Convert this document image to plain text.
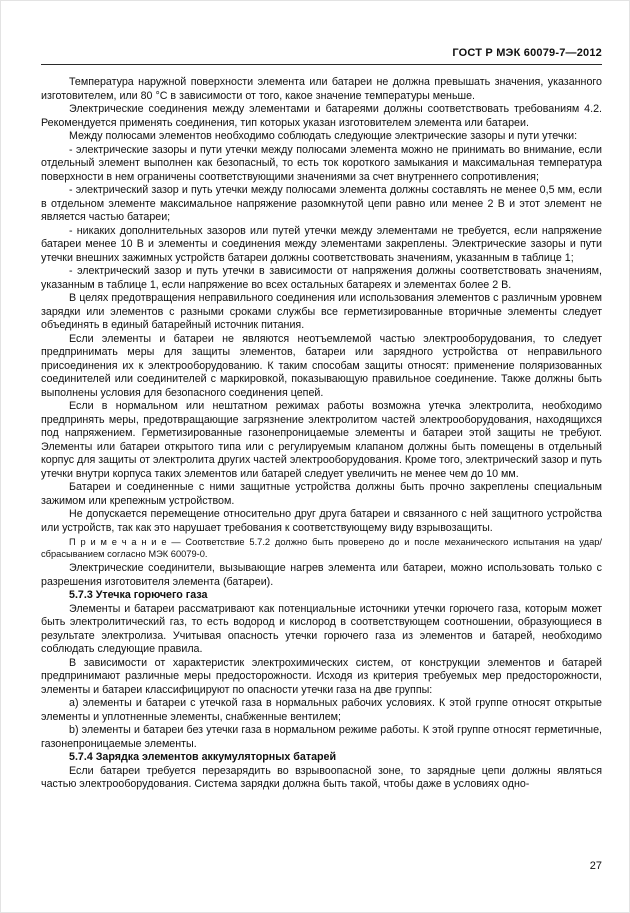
ГОСТ Р МЭК 60079-7—2012

Температура наружной поверхности элемента или батареи не должна превышать значения, указанного изготовителем, или 80 °С в зависимости от того, какое значение температуры меньше.

Электрические соединения между элементами и батареями должны соответствовать требованиям 4.2. Рекомендуется применять соединения, тип которых указан изготовителем элемента или батареи.

Между полюсами элементов необходимо соблюдать следующие электрические зазоры и пути утечки:

- электрические зазоры и пути утечки между полюсами элемента можно не принимать во внимание, если отдельный элемент выполнен как безопасный, то есть ток короткого замыкания и максимальная температура поверхности в нем ограничены соответствующими значениями за счет внутреннего сопротивления;

- электрический зазор и путь утечки между полюсами элемента должны составлять не менее 0,5 мм, если в отдельном элементе максимальное напряжение разомкнутой цепи равно или менее 2 В и этот элемент не является частью батареи;

- никаких дополнительных зазоров или путей утечки между элементами не требуется, если напряжение батареи менее 10 В и элементы и соединения между элементами закреплены. Электрические зазоры и пути утечки внешних зажимных устройств батареи должны соответствовать значениям, указанным в таблице 1;

- электрический зазор и путь утечки в зависимости от напряжения должны соответствовать значениям, указанным в таблице 1, если напряжение во всех остальных батареях и элементах более 2 В.

В целях предотвращения неправильного соединения или использования элементов с различным уровнем зарядки или элементов с разными сроками службы все герметизированные вторичные элементы следует объединять в единый батарейный источник питания.

Если элементы и батареи не являются неотъемлемой частью электрооборудования, то следует предпринимать меры для защиты элементов, батареи или зарядного устройства от неправильного присоединения их к электрооборудованию. К таким способам защиты относят: применение поляризованных соединителей или соединителей с маркировкой, показывающую правильное соединение. Также должны быть выполнены условия для безопасного соединения цепей.

Если в нормальном или нештатном режимах работы возможна утечка электролита, необходимо предпринять меры, предотвращающие загрязнение электролитом частей электрооборудования, находящихся под напряжением. Герметизированные газонепроницаемые элементы и батареи этой защиты не требуют. Элементы или батареи открытого типа или с регулируемым клапаном должны быть помещены в отдельный корпус для защиты от электролита других частей электрооборудования. Кроме того, электрический зазор и путь утечки внутри корпуса таких элементов или батарей следует увеличить не менее чем до 10 мм.

Батареи и соединенные с ними защитные устройства должны быть прочно закреплены специальным зажимом или крепежным устройством.

Не допускается перемещение относительно друг друга батареи и связанного с ней защитного устройства или устройств, так как это нарушает требования к соответствующему виду взрывозащиты.

П р и м е ч а н и е — Соответствие 5.7.2 должно быть проверено до и после механического испытания на удар/сбрасыванием согласно МЭК 60079-0.

Электрические соединители, вызывающие нагрев элемента или батареи, можно использовать только с разрешения изготовителя элемента (батареи).

5.7.3 Утечка горючего газа

Элементы и батареи рассматривают как потенциальные источники утечки горючего газа, которым может быть электролитический газ, то есть водород и кислород в соответствующем соотношении, образующиеся в результате электролиза. Учитывая опасность утечки горючего газа из элементов и батарей, необходимо соблюдать следующие правила.

В зависимости от характеристик электрохимических систем, от конструкции элементов и батарей предпринимают различные меры предосторожности. Исходя из критерия требуемых мер предосторожности, элементы и батареи классифицируют по опасности утечки газа на две группы:

a) элементы и батареи с утечкой газа в нормальных рабочих условиях. К этой группе относят открытые элементы и уплотненные элементы, снабженные вентилем;

b) элементы и батареи без утечки газа в нормальном режиме работы. К этой группе относят герметичные, газонепроницаемые элементы.

5.7.4 Зарядка элементов аккумуляторных батарей

Если батареи требуется перезарядить во взрывоопасной зоне, то зарядные цепи должны являться частью электрооборудования. Система зарядки должна быть такой, чтобы даже в условиях одно-

27
